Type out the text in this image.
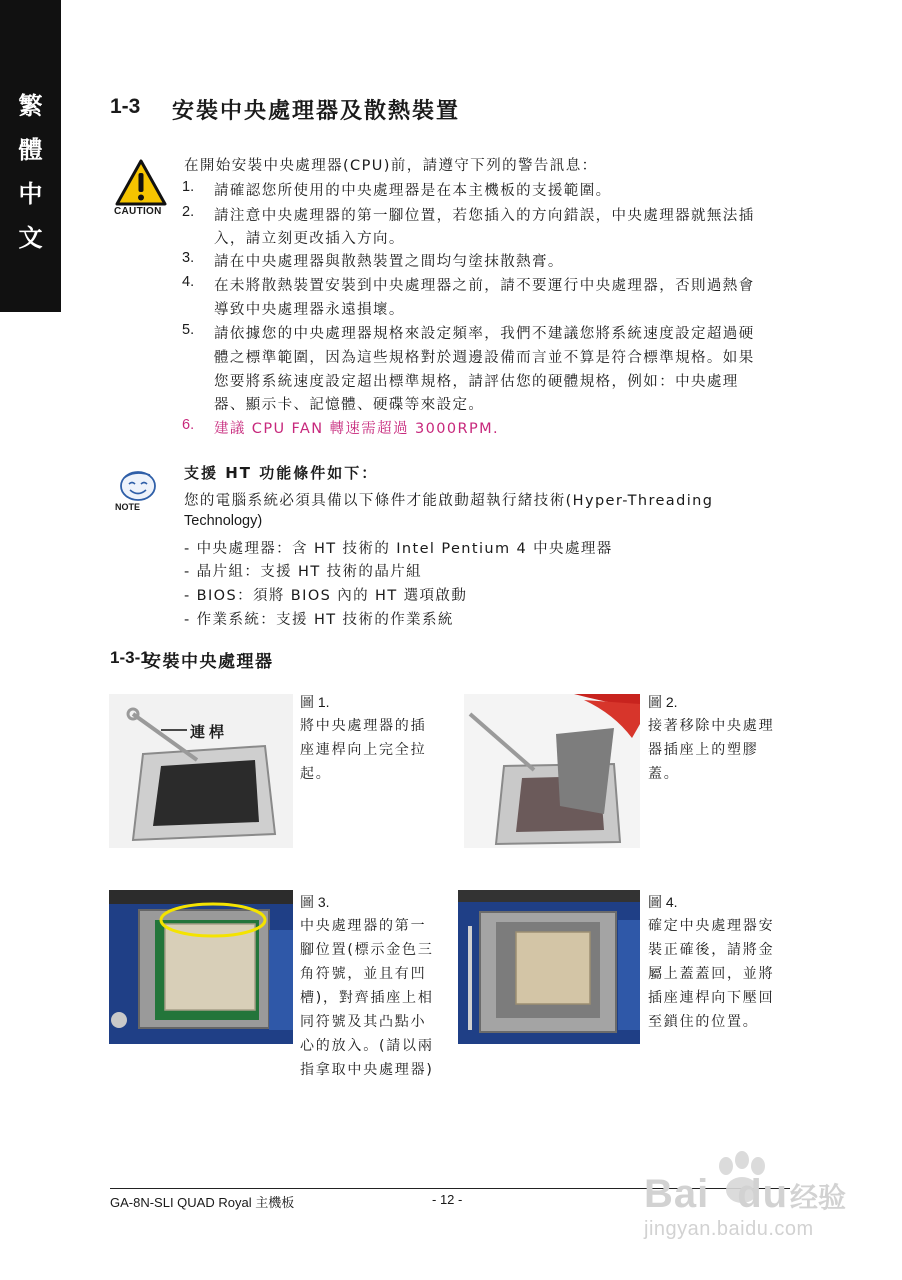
繁
體
中
文
1-3 安裝中央處理器及散熱裝置
CAUTION
在開始安裝中央處理器(CPU)前，請遵守下列的警告訊息：
1. 請確認您所使用的中央處理器是在本主機板的支援範圍。
2. 請注意中央處理器的第一腳位置，若您插入的方向錯誤，中央處理器就無法插
入，請立刻更改插入方向。
3. 請在中央處理器與散熱裝置之間均勻塗抹散熱膏。
4. 在未將散熱裝置安裝到中央處理器之前，請不要運行中央處理器，否則過熱會
導致中央處理器永遠損壞。
5. 請依據您的中央處理器規格來設定頻率，我們不建議您將系統速度設定超過硬
體之標準範圍，因為這些規格對於週邊設備而言並不算是符合標準規格。如果
您要將系統速度設定超出標準規格，請評估您的硬體規格，例如：中央處理
器、顯示卡、記憶體、硬碟等來設定。
6. 建議 CPU FAN 轉速需超過 3000RPM.
NOTE
支援 HT 功能條件如下：
您的電腦系統必須具備以下條件才能啟動超執行緒技術(Hyper-Threading
Technology)
- 中央處理器：含 HT 技術的 Intel Pentium 4 中央處理器
- 晶片組：支援 HT 技術的晶片組
- BIOS：須將 BIOS 內的 HT 選項啟動
- 作業系統：支援 HT 技術的作業系統
1-3-1
安裝中央處理器
連桿
圖 1.
將中央處理器的插
座連桿向上完全拉
起。
圖 2.
接著移除中央處理
器插座上的塑膠
蓋。
圖 3.
中央處理器的第一
腳位置(標示金色三
角符號，並且有凹
槽)，對齊插座上相
同符號及其凸點小
心的放入。(請以兩
指拿取中央處理器)
圖 4.
確定中央處理器安
裝正確後，請將金
屬上蓋蓋回，並將
插座連桿向下壓回
至鎖住的位置。
GA-8N-SLI QUAD Royal 主機板	- 12 -	Bai du 经验
jingyan.baidu.com
